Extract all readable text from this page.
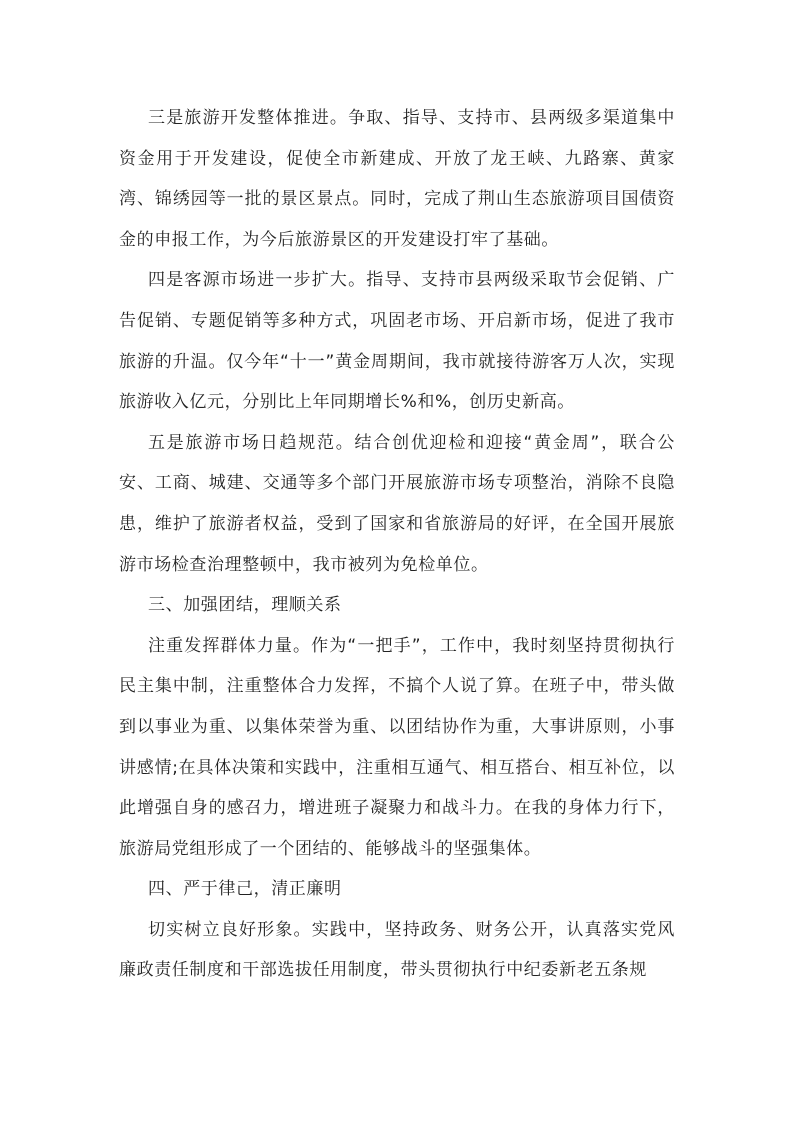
三是旅游开发整体推进。争取、指导、支持市、县两级多渠道集中资金用于开发建设，促使全市新建成、开放了龙王峡、九路寨、黄家湾、锦绣园等一批的景区景点。同时，完成了荆山生态旅游项目国债资金的申报工作，为今后旅游景区的开发建设打牢了基础。

四是客源市场进一步扩大。指导、支持市县两级采取节会促销、广告促销、专题促销等多种方式，巩固老市场、开启新市场，促进了我市旅游的升温。仅今年“十一”黄金周期间，我市就接待游客万人次，实现旅游收入亿元，分别比上年同期增长%和%，创历史新高。

五是旅游市场日趋规范。结合创优迎检和迎接“黄金周”，联合公安、工商、城建、交通等多个部门开展旅游市场专项整治，消除不良隐患，维护了旅游者权益，受到了国家和省旅游局的好评，在全国开展旅游市场检查治理整顿中，我市被列为免检单位。

三、加强团结，理顺关系

注重发挥群体力量。作为“一把手”，工作中，我时刻坚持贯彻执行民主集中制，注重整体合力发挥，不搞个人说了算。在班子中，带头做到以事业为重、以集体荣誉为重、以团结协作为重，大事讲原则，小事讲感情;在具体决策和实践中，注重相互通气、相互搭台、相互补位，以此增强自身的感召力，增进班子凝聚力和战斗力。在我的身体力行下，旅游局党组形成了一个团结的、能够战斗的坚强集体。

四、严于律己，清正廉明

切实树立良好形象。实践中，坚持政务、财务公开，认真落实党风廉政责任制度和干部选拔任用制度，带头贯彻执行中纪委新老五条规
